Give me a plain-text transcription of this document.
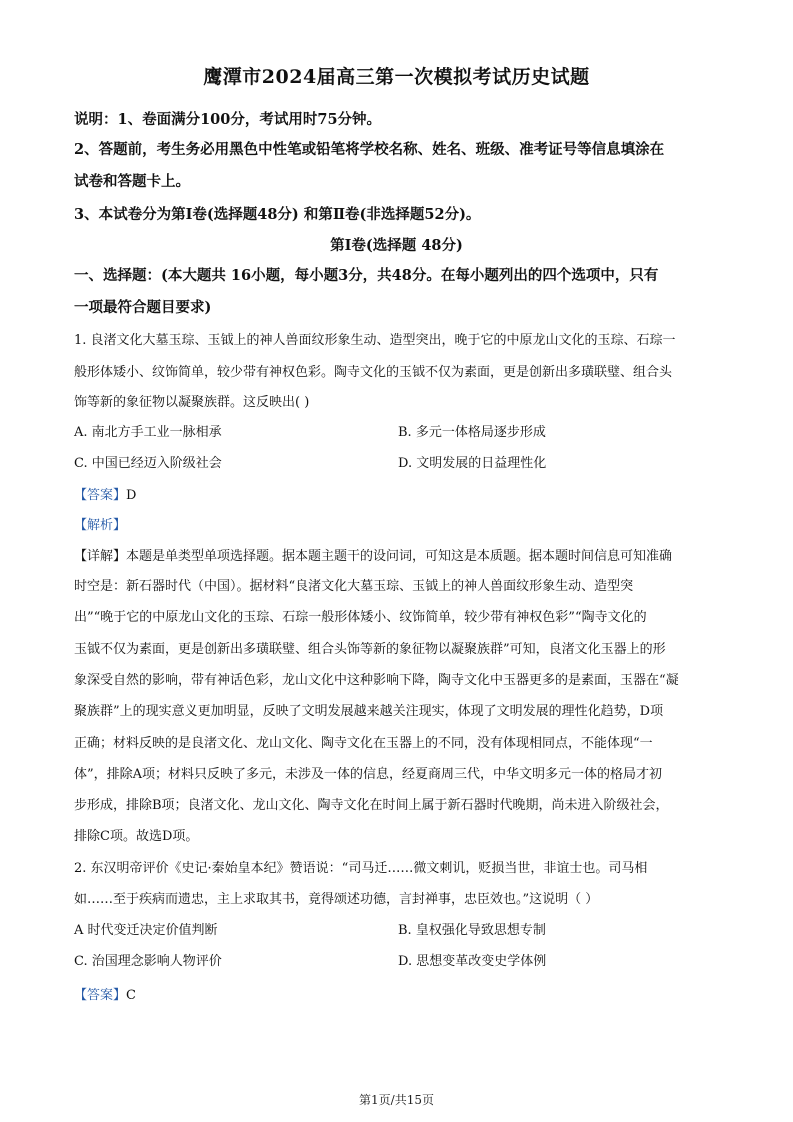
鹰潭市2024届高三第一次模拟考试历史试题
说明：1、卷面满分100分，考试用时75分钟。
2、答题前，考生务必用黑色中性笔或铅笔将学校名称、姓名、班级、准考证号等信息填涂在
试卷和答题卡上。
3、本试卷分为第Ⅰ卷(选择题48分) 和第Ⅱ卷(非选择题52分)。
第Ⅰ卷(选择题 48分)
一、选择题：(本大题共 16小题，每小题3分，共48分。在每小题列出的四个选项中，只有
一项最符合题目要求)
1. 良渚文化大墓玉琮、玉钺上的神人兽面纹形象生动、造型突出，晚于它的中原龙山文化的玉琮、石琮一
般形体矮小、纹饰简单，较少带有神权色彩。陶寺文化的玉钺不仅为素面，更是创新出多璜联璧、组合头
饰等新的象征物以凝聚族群。这反映出( )
A. 南北方手工业一脉相承	B. 多元一体格局逐步形成
C. 中国已经迈入阶级社会	D. 文明发展的日益理性化
【答案】D
【解析】
【详解】本题是单类型单项选择题。据本题主题干的设问词，可知这是本质题。据本题时间信息可知准确
时空是：新石器时代（中国）。据材料“良渚文化大墓玉琮、玉钺上的神人兽面纹形象生动、造型突
出”“晚于它的中原龙山文化的玉琮、石琮一般形体矮小、纹饰简单，较少带有神权色彩”“陶寺文化的
玉钺不仅为素面，更是创新出多璜联璧、组合头饰等新的象征物以凝聚族群”可知，良渚文化玉器上的形
象深受自然的影响，带有神话色彩，龙山文化中这种影响下降，陶寺文化中玉器更多的是素面，玉器在“凝
聚族群”上的现实意义更加明显，反映了文明发展越来越关注现实，体现了文明发展的理性化趋势，D项
正确；材料反映的是良渚文化、龙山文化、陶寺文化在玉器上的不同，没有体现相同点，不能体现“一
体”，排除A项；材料只反映了多元，未涉及一体的信息，经夏商周三代，中华文明多元一体的格局才初
步形成，排除B项；良渚文化、龙山文化、陶寺文化在时间上属于新石器时代晚期，尚未进入阶级社会，
排除C项。故选D项。
2. 东汉明帝评价《史记·秦始皇本纪》赞语说：“司马迁……微文刺讥，贬损当世，非谊士也。司马相
如……至于疾病而遗忠，主上求取其书，竟得颂述功德，言封禅事，忠臣效也。”这说明（ ）
A 时代变迁决定价值判断	B. 皇权强化导致思想专制
C. 治国理念影响人物评价	D. 思想变革改变史学体例
【答案】C
第1页/共15页
